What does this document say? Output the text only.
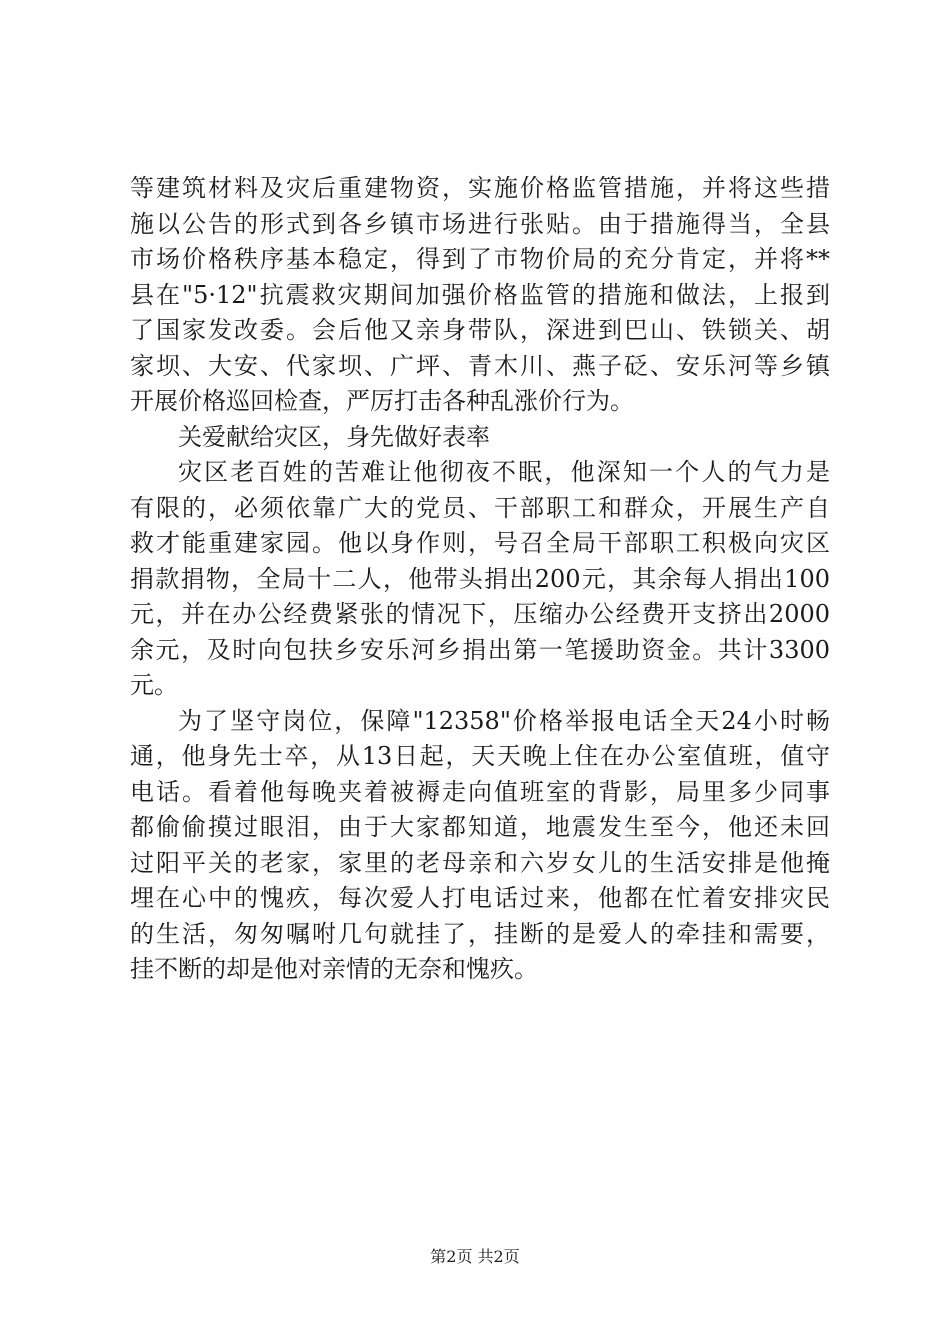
等建筑材料及灾后重建物资，实施价格监管措施，并将这些措
施以公告的形式到各乡镇市场进行张贴。由于措施得当，全县
市场价格秩序基本稳定，得到了市物价局的充分肯定，并将**
县在"5·12"抗震救灾期间加强价格监管的措施和做法，上报到
了国家发改委。会后他又亲身带队，深进到巴山、铁锁关、胡
家坝、大安、代家坝、广坪、青木川、燕子砭、安乐河等乡镇
开展价格巡回检查，严厉打击各种乱涨价行为。
关爱献给灾区，身先做好表率
灾区老百姓的苦难让他彻夜不眠，他深知一个人的气力是
有限的，必须依靠广大的党员、干部职工和群众，开展生产自
救才能重建家园。他以身作则，号召全局干部职工积极向灾区
捐款捐物，全局十二人，他带头捐出200元，其余每人捐出100
元，并在办公经费紧张的情况下，压缩办公经费开支挤出2000
余元，及时向包扶乡安乐河乡捐出第一笔援助资金。共计3300
元。
为了坚守岗位，保障"12358"价格举报电话全天24小时畅
通，他身先士卒，从13日起，天天晚上住在办公室值班，值守
电话。看着他每晚夹着被褥走向值班室的背影，局里多少同事
都偷偷摸过眼泪，由于大家都知道，地震发生至今，他还未回
过阳平关的老家，家里的老母亲和六岁女儿的生活安排是他掩
埋在心中的愧疚，每次爱人打电话过来，他都在忙着安排灾民
的生活，匆匆嘱咐几句就挂了，挂断的是爱人的牵挂和需要，
挂不断的却是他对亲情的无奈和愧疚。
第2页 共2页
